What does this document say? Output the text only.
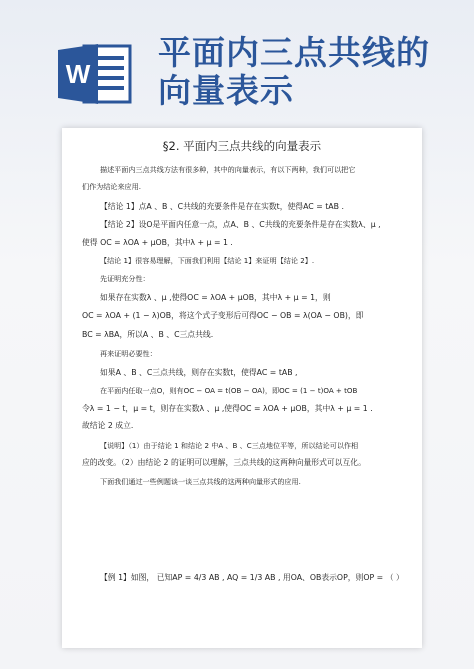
W
平面内三点共线的向量表示
§2. 平面内三点共线的向量表示
描述平面内三点共线方法有很多种，其中的向量表示，有以下两种，我们可以把它
们作为结论来应用.
【结论 1】点A 、B 、C共线的充要条件是存在实数t，使得AC = tAB .
【结论 2】设O是平面内任意一点，点A、B 、C共线的充要条件是存在实数λ、μ ,
使得 OC = λOA + μOB，其中λ + μ = 1 .
【结论 1】很容易理解，下面我们利用【结论 1】来证明【结论 2】.
先证明充分性：
如果存在实数λ 、μ ,使得OC = λOA + μOB，其中λ + μ = 1，则
OC = λOA + (1 − λ)OB，将这个式子变形后可得OC − OB = λ(OA − OB)，即
BC = λBA，所以A 、B 、C三点共线.
再来证明必要性：
如果A 、B 、C三点共线，则存在实数t，使得AC = tAB ,
在平面内任取一点O，则有OC − OA = t(OB − OA)，即OC = (1 − t)OA + tOB
令λ = 1 − t，μ = t，则存在实数λ 、μ ,使得OC = λOA + μOB，其中λ + μ = 1 .
故结论 2 成立.
【说明】（1）由于结论 1 和结论 2 中A 、B 、C三点地位平等，所以结论可以作相
应的改变。（2）由结论 2 的证明可以理解，三点共线的这两种向量形式可以互化。
下面我们通过一些例题谈一谈三点共线的这两种向量形式的应用.
【例 1】如图， 已知AP = 4/3 AB , AQ = 1/3 AB , 用OA、OB表示OP，则OP = （ ）
